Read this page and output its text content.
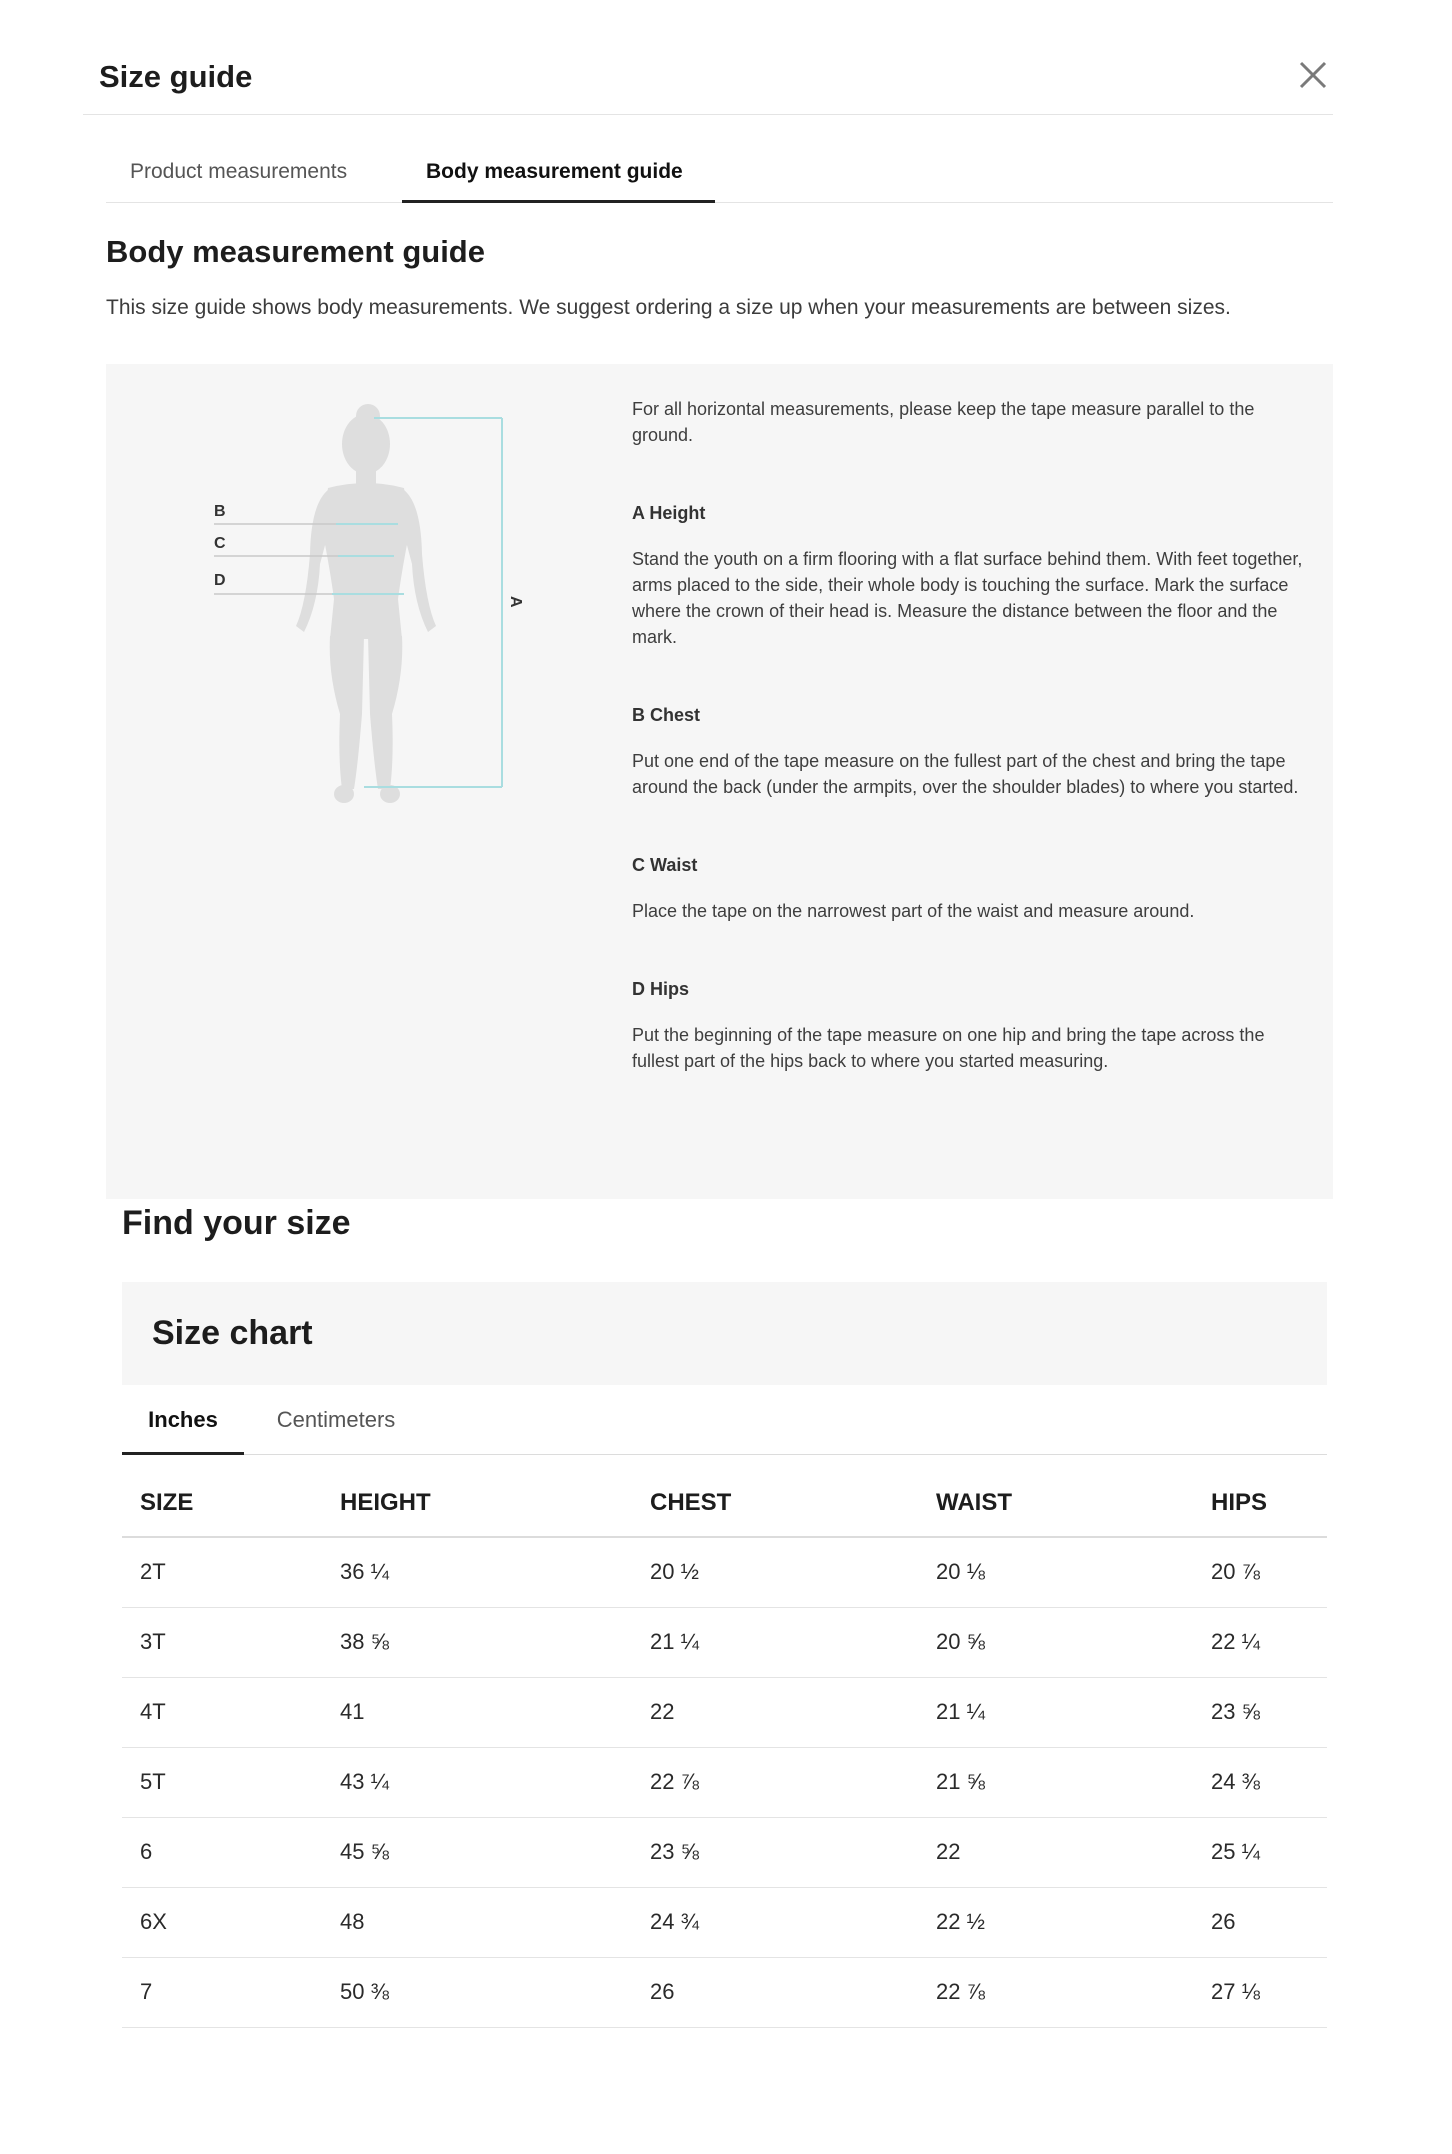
Size guide
Product measurements	Body measurement guide
Body measurement guide
This size guide shows body measurements. We suggest ordering a size up when your measurements are between sizes.
B
C
D
A
For all horizontal measurements, please keep the tape measure parallel to the ground.
A Height
Stand the youth on a firm flooring with a flat surface behind them. With feet together, arms placed to the side, their whole body is touching the surface. Mark the surface where the crown of their head is. Measure the distance between the floor and the mark.
B Chest
Put one end of the tape measure on the fullest part of the chest and bring the tape around the back (under the armpits, over the shoulder blades) to where you started.
C Waist
Place the tape on the narrowest part of the waist and measure around.
D Hips
Put the beginning of the tape measure on one hip and bring the tape across the fullest part of the hips back to where you started measuring.
Find your size
Size chart
Inches	Centimeters
SIZE	HEIGHT	CHEST	WAIST	HIPS
2T	36 ¼	20 ½	20 ⅛	20 ⅞
3T	38 ⅝	21 ¼	20 ⅝	22 ¼
4T	41	22	21 ¼	23 ⅝
5T	43 ¼	22 ⅞	21 ⅝	24 ⅜
6	45 ⅝	23 ⅝	22	25 ¼
6X	48	24 ¾	22 ½	26
7	50 ⅜	26	22 ⅞	27 ⅛
